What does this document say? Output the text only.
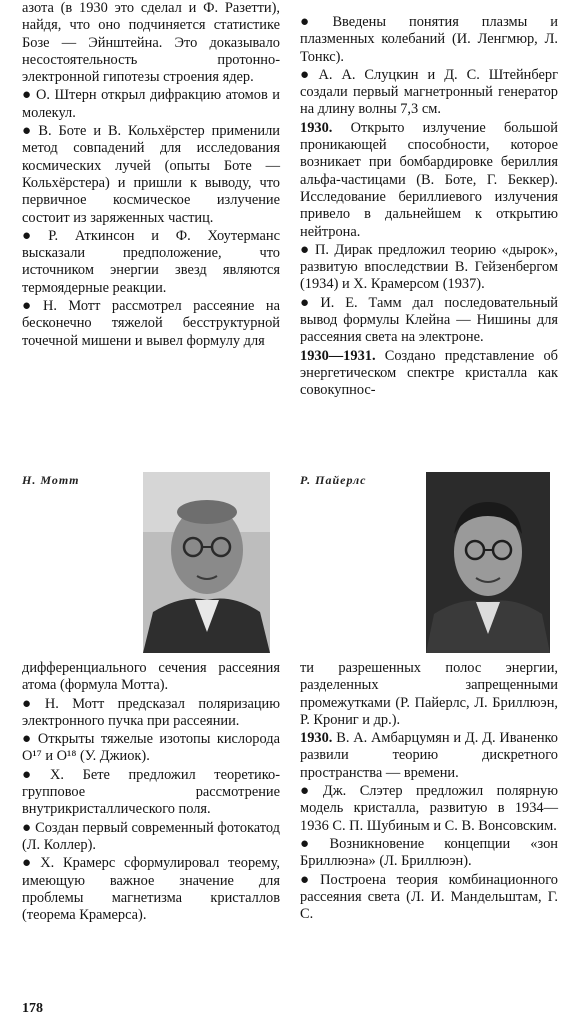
азота (в 1930 это сделал и Ф. Разетти), найдя, что оно подчиняется статистике Бозе — Эйнштейна. Это доказывало несостоятельность протонно-электронной гипотезы строения ядер.

● О. Штерн открыл дифракцию атомов и молекул.

● В. Боте и В. Кольхёрстер применили метод совпадений для исследования космических лучей (опыты Боте — Кольхёрстера) и пришли к выводу, что первичное космическое излучение состоит из заряженных частиц.

● Р. Аткинсон и Ф. Хоутерманс высказали предположение, что источником энергии звезд являются термоядерные реакции.

● Н. Мотт рассмотрел рассеяние на бесконечно тяжелой бесструктурной точечной мишени и вывел формулу для

● Введены понятия плазмы и плазменных колебаний (И. Ленгмюр, Л. Тонкс).

● А. А. Слуцкин и Д. С. Штейнберг создали первый магнетронный генератор на длину волны 7,3 см.

1930. Открыто излучение большой проникающей способности, которое возникает при бомбардировке бериллия альфа-частицами (В. Боте, Г. Беккер). Исследование бериллиевого излучения привело в дальнейшем к открытию нейтрона.

● П. Дирак предложил теорию «дырок», развитую впоследствии В. Гейзенбергом (1934) и Х. Крамерсом (1937).

● И. Е. Тамм дал последовательный вывод формулы Клейна — Нишины для рассеяния света на электроне.

1930—1931. Создано представление об энергетическом спектре кристалла как совокупнос-

Н. Мотт	Р. Пайерлс

дифференциального сечения рассеяния атома (формула Мотта).

● Н. Мотт предсказал поляризацию электронного пучка при рассеянии.

● Открыты тяжелые изотопы кислорода O¹⁷ и O¹⁸ (У. Джиок).

● Х. Бете предложил теоретико-групповое рассмотрение внутрикристаллического поля.

● Создан первый современный фотокатод (Л. Коллер).

● Х. Крамерс сформулировал теорему, имеющую важное значение для проблемы магнетизма кристаллов (теорема Крамерса).

ти разрешенных полос энергии, разделенных запрещенными промежутками (Р. Пайерлс, Л. Бриллюэн, Р. Крониг и др.).

1930. В. А. Амбарцумян и Д. Д. Иваненко развили теорию дискретного пространства — времени.

● Дж. Слэтер предложил полярную модель кристалла, развитую в 1934—1936 С. П. Шубиным и С. В. Вонсовским.

● Возникновение концепции «зон Бриллюэна» (Л. Бриллюэн).

● Построена теория комбинационного рассеяния света (Л. И. Мандельштам, Г. С.

178
